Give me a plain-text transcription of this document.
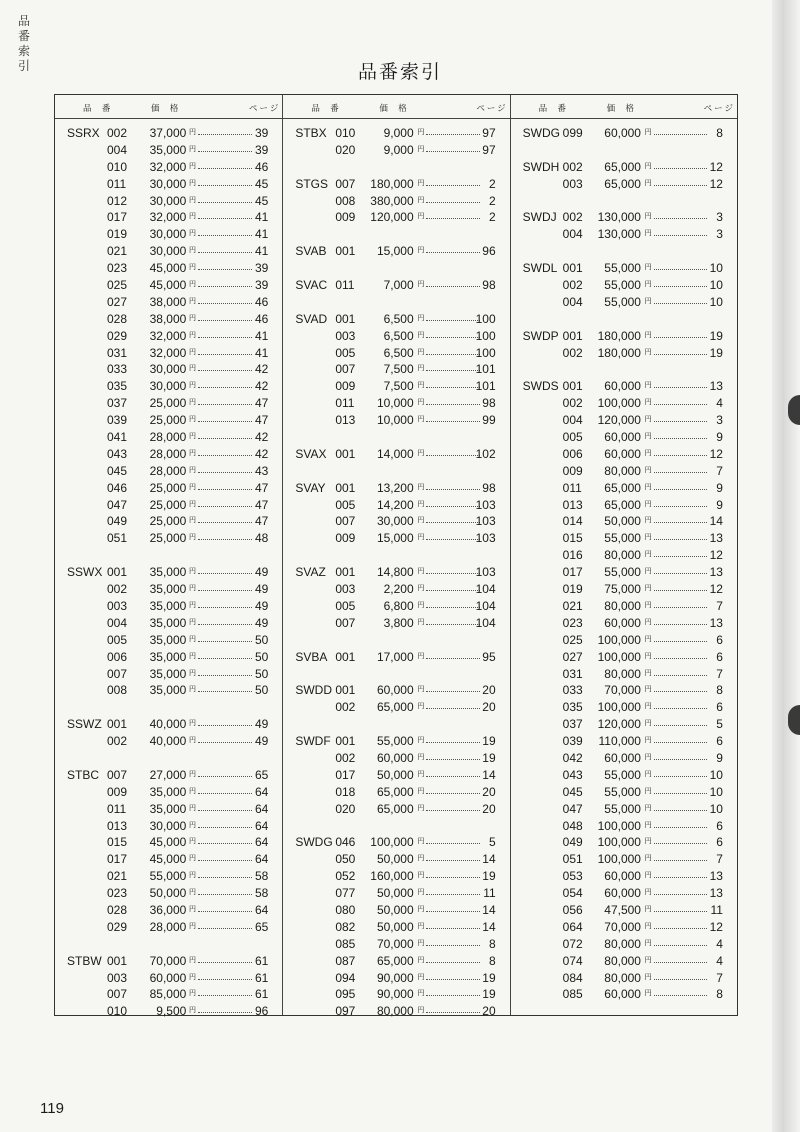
品番索引	品番索引
品 番	価 格	ページ
SSRX 002 37,000 円	39
004 35,000 円	39
010 32,000 円	46
011 30,000 円	45
012 30,000 円	45
017 32,000 円	41
019 30,000 円	41
021 30,000 円	41
023 45,000 円	39
025 45,000 円	39
027 38,000 円	46
028 38,000 円	46
029 32,000 円	41
031 32,000 円	41
033 30,000 円	42
035 30,000 円	42
037 25,000 円	47
039 25,000 円	47
041 28,000 円	42
043 28,000 円	42
045 28,000 円	43
046 25,000 円	47
047 25,000 円	47
049 25,000 円	47
051 25,000 円	48
SSWX 001 35,000 円	49
002 35,000 円	49
003 35,000 円	49
004 35,000 円	49
005 35,000 円	50
006 35,000 円	50
007 35,000 円	50
008 35,000 円	50
SSWZ 001 40,000 円	49
002 40,000 円	49
STBC 007 27,000 円	65
009 35,000 円	64
011 35,000 円	64
013 30,000 円	64
015 45,000 円	64
017 45,000 円	64
021 55,000 円	58
023 50,000 円	58
028 36,000 円	64
029 28,000 円	65
STBW 001 70,000 円	61
003 60,000 円	61
007 85,000 円	61
010 9,500 円	96
品 番	価 格	ページ
STBX 010 9,000 円	97
020 9,000 円	97
STGS 007 180,000 円	2
008 380,000 円	2
009 120,000 円	2
SVAB 001 15,000 円	96
SVAC 011 7,000 円	98
SVAD 001 6,500 円	100
003 6,500 円	100
005 6,500 円	100
007 7,500 円	101
009 7,500 円	101
011 10,000 円	98
013 10,000 円	99
SVAX 001 14,000 円	102
SVAY 001 13,200 円	98
005 14,200 円	103
007 30,000 円	103
009 15,000 円	103
SVAZ 001 14,800 円	103
003 2,200 円	104
005 6,800 円	104
007 3,800 円	104
SVBA 001 17,000 円	95
SWDD 001 60,000 円	20
002 65,000 円	20
SWDF 001 55,000 円	19
002 60,000 円	19
017 50,000 円	14
018 65,000 円	20
020 65,000 円	20
SWDG 046 100,000 円	5
050 50,000 円	14
052 160,000 円	19
077 50,000 円	11
080 50,000 円	14
082 50,000 円	14
085 70,000 円	8
087 65,000 円	8
094 90,000 円	19
095 90,000 円	19
097 80,000 円	20
品 番	価 格	ページ
SWDG 099 60,000 円	8
SWDH 002 65,000 円	12
003 65,000 円	12
SWDJ 002 130,000 円	3
004 130,000 円	3
SWDL 001 55,000 円	10
002 55,000 円	10
004 55,000 円	10
SWDP 001 180,000 円	19
002 180,000 円	19
SWDS 001 60,000 円	13
002 100,000 円	4
004 120,000 円	3
005 60,000 円	9
006 60,000 円	12
009 80,000 円	7
011 65,000 円	9
013 65,000 円	9
014 50,000 円	14
015 55,000 円	13
016 80,000 円	12
017 55,000 円	13
019 75,000 円	12
021 80,000 円	7
023 60,000 円	13
025 100,000 円	6
027 100,000 円	6
031 80,000 円	7
033 70,000 円	8
035 100,000 円	6
037 120,000 円	5
039 110,000 円	6
042 60,000 円	9
043 55,000 円	10
045 55,000 円	10
047 55,000 円	10
048 100,000 円	6
049 100,000 円	6
051 100,000 円	7
053 60,000 円	13
054 60,000 円	13
056 47,500 円	11
064 70,000 円	12
072 80,000 円	4
074 80,000 円	4
084 80,000 円	7
085 60,000 円	8
119
